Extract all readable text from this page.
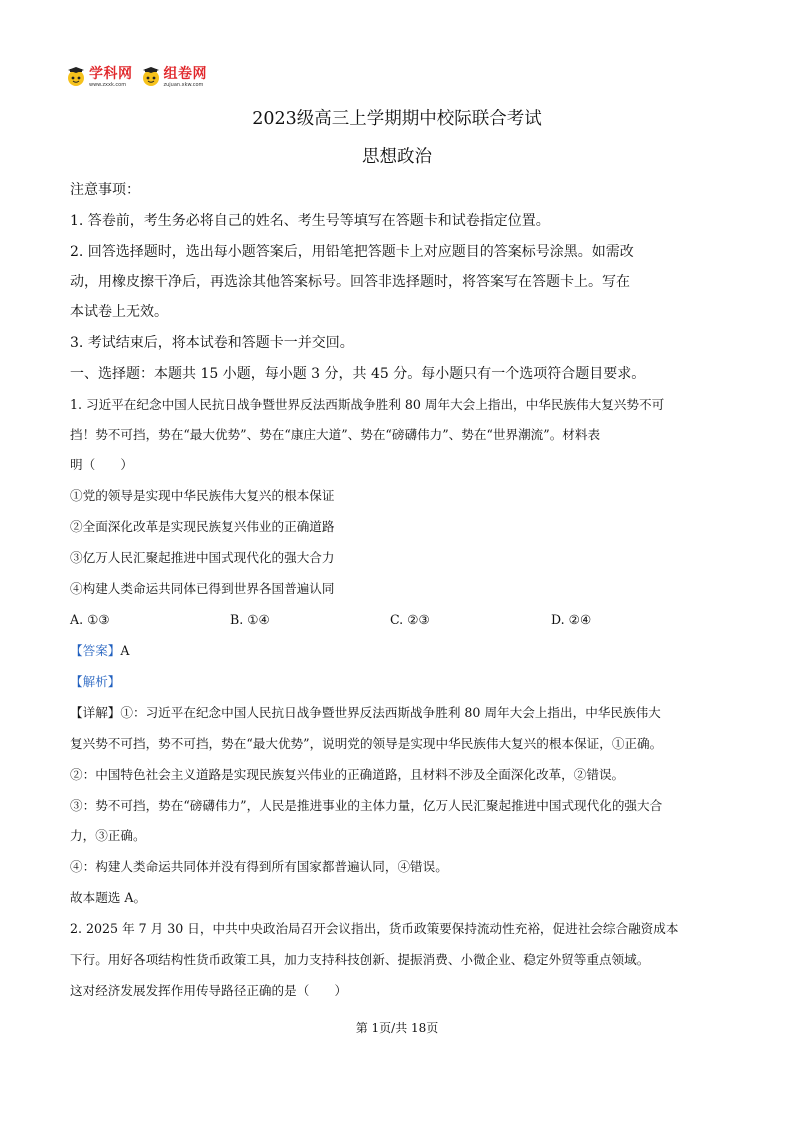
学科网
www.zxxk.com
组卷网
zujuan.xkw.com
2023级高三上学期期中校际联合考试
思想政治
注意事项：
1. 答卷前，考生务必将自己的姓名、考生号等填写在答题卡和试卷指定位置。
2. 回答选择题时，选出每小题答案后，用铅笔把答题卡上对应题目的答案标号涂黑。如需改
动，用橡皮擦干净后，再选涂其他答案标号。回答非选择题时，将答案写在答题卡上。写在
本试卷上无效。
3. 考试结束后，将本试卷和答题卡一并交回。
一、选择题：本题共 15 小题，每小题 3 分，共 45 分。每小题只有一个选项符合题目要求。
1. 习近平在纪念中国人民抗日战争暨世界反法西斯战争胜利 80 周年大会上指出，中华民族伟大复兴势不可
挡！势不可挡，势在“最大优势”、势在“康庄大道”、势在“磅礴伟力”、势在“世界潮流”。材料表
明（　　）
①党的领导是实现中华民族伟大复兴的根本保证
②全面深化改革是实现民族复兴伟业的正确道路
③亿万人民汇聚起推进中国式现代化的强大合力
④构建人类命运共同体已得到世界各国普遍认同
A. ①③	B. ①④	C. ②③	D. ②④
【答案】A
【解析】
【详解】①：习近平在纪念中国人民抗日战争暨世界反法西斯战争胜利 80 周年大会上指出，中华民族伟大
复兴势不可挡，势不可挡，势在“最大优势”，说明党的领导是实现中华民族伟大复兴的根本保证，①正确。
②：中国特色社会主义道路是实现民族复兴伟业的正确道路，且材料不涉及全面深化改革，②错误。
③：势不可挡，势在“磅礴伟力”，人民是推进事业的主体力量，亿万人民汇聚起推进中国式现代化的强大合
力，③正确。
④：构建人类命运共同体并没有得到所有国家都普遍认同，④错误。
故本题选 A。
2. 2025 年 7 月 30 日，中共中央政治局召开会议指出，货币政策要保持流动性充裕，促进社会综合融资成本
下行。用好各项结构性货币政策工具，加力支持科技创新、提振消费、小微企业、稳定外贸等重点领域。
这对经济发展发挥作用传导路径正确的是（　　）
第 1页/共 18页
